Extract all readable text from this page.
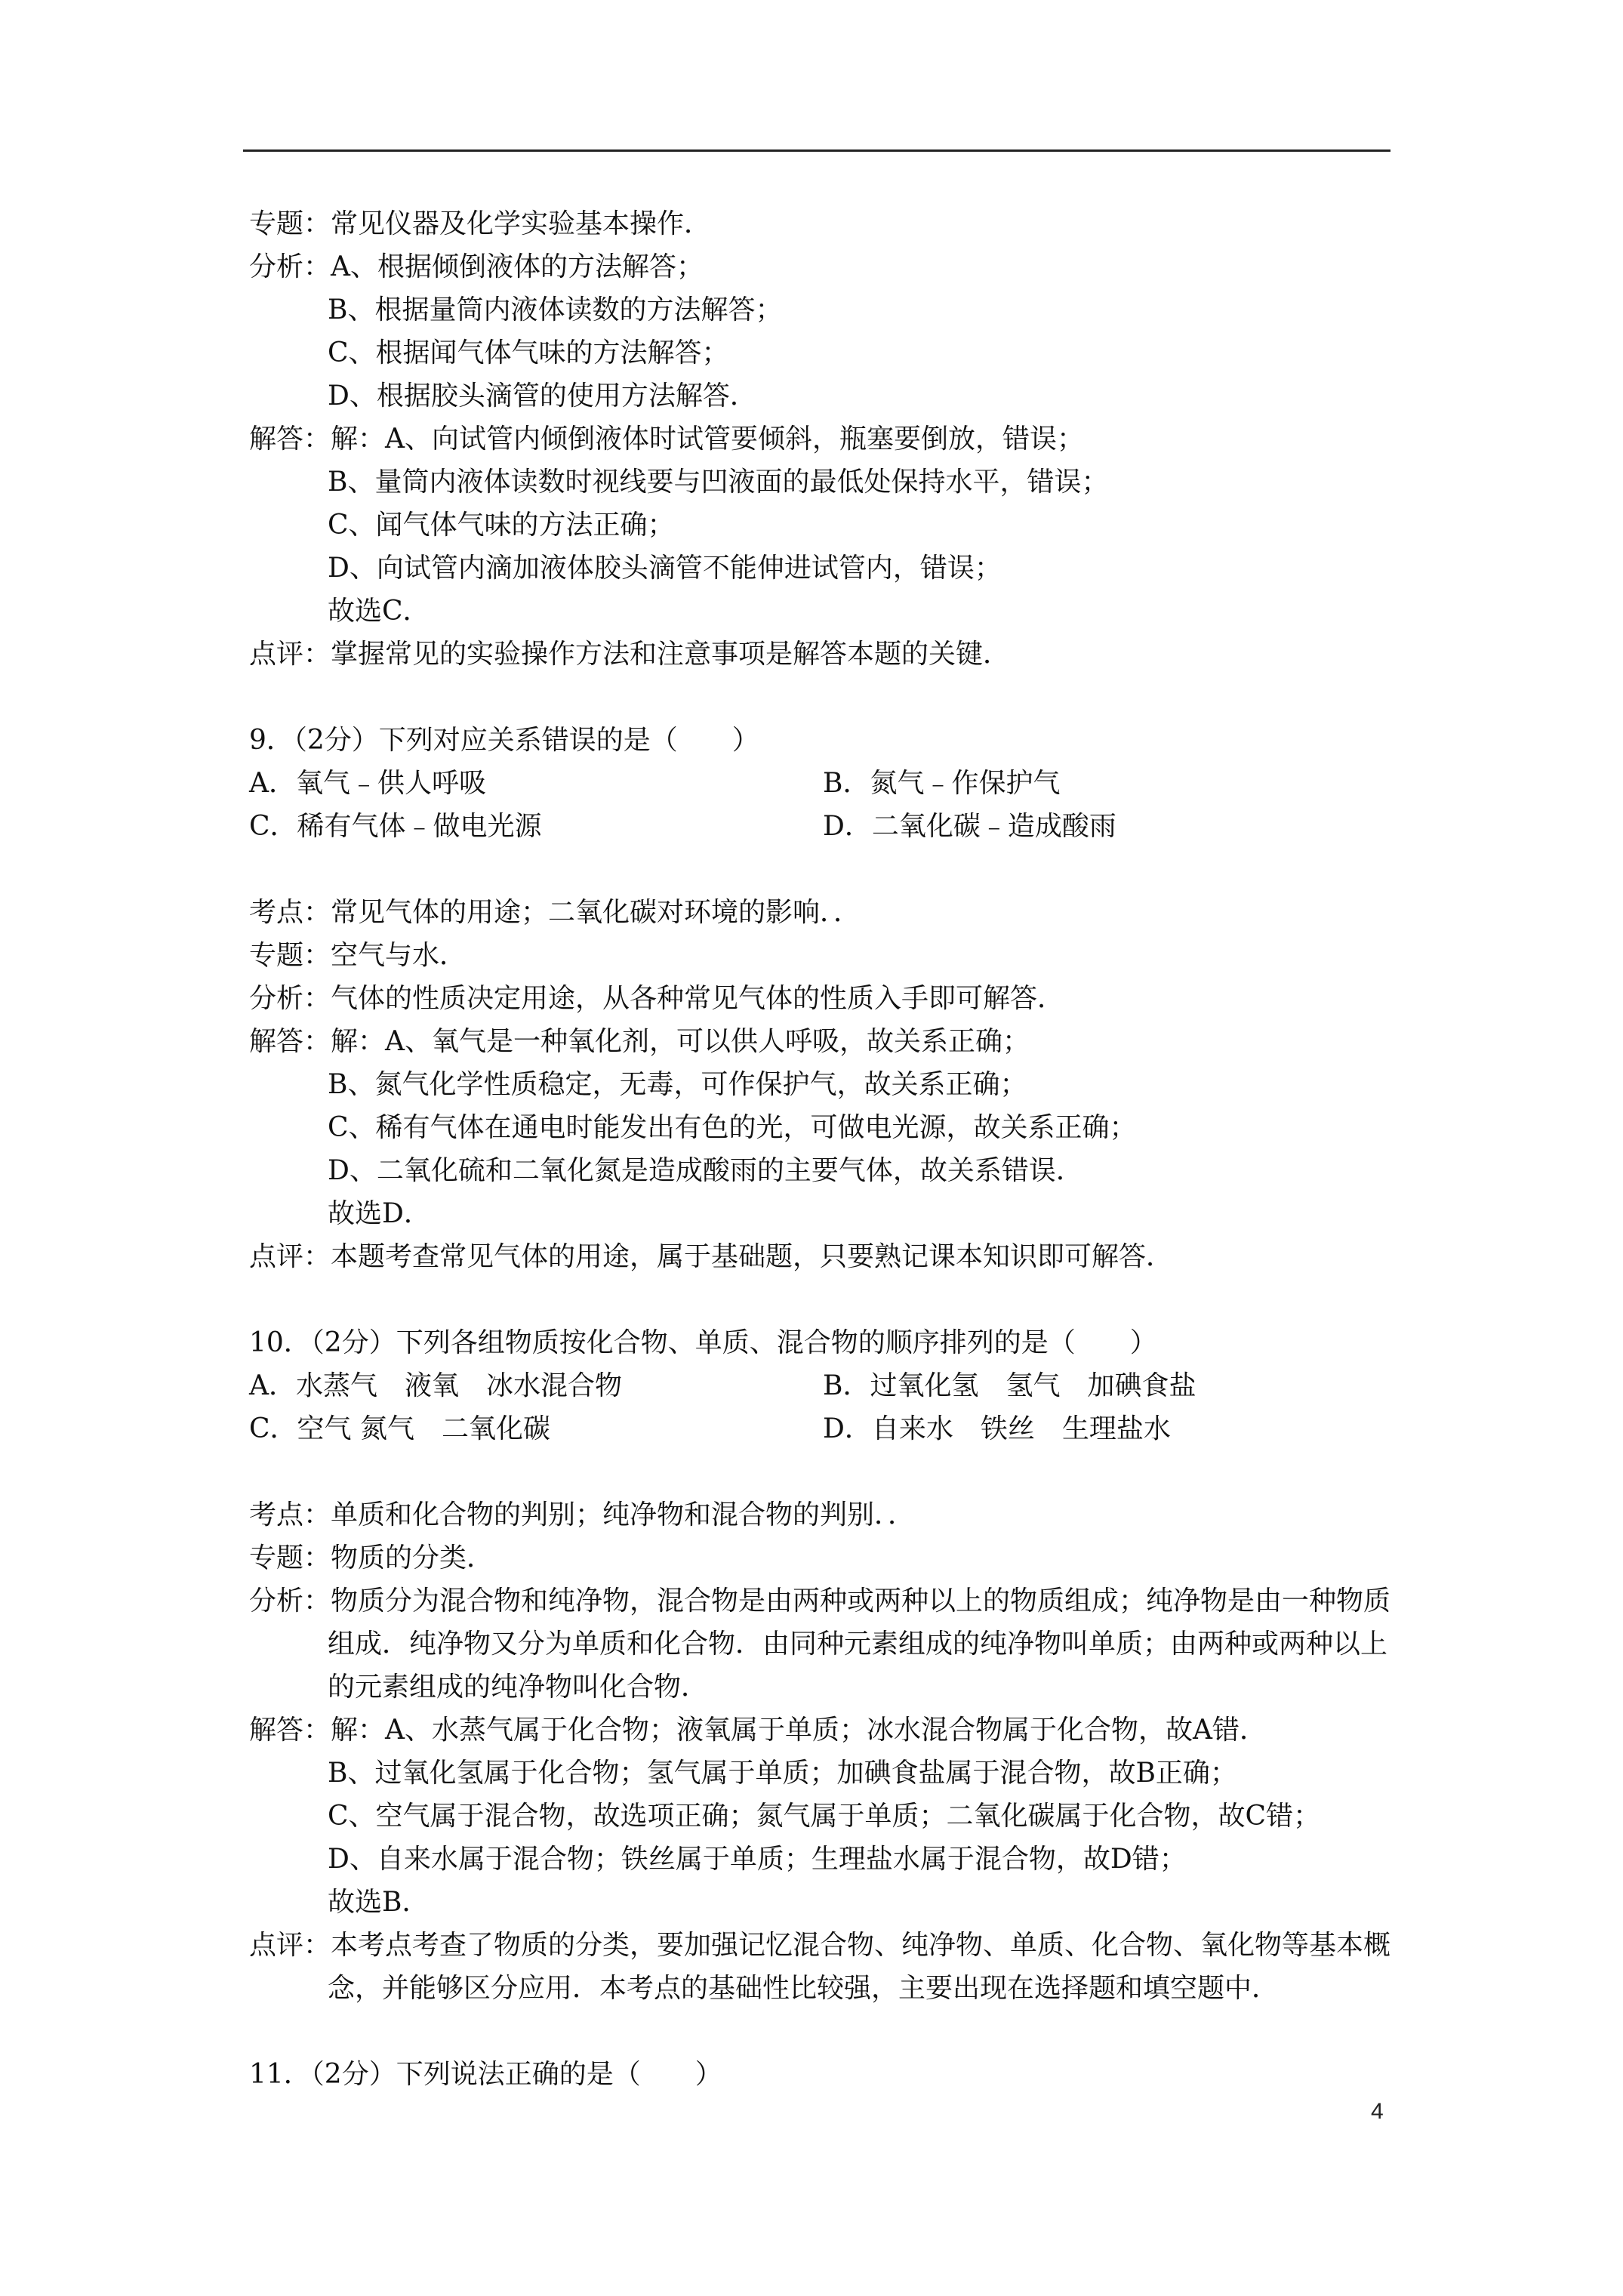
专题：常见仪器及化学实验基本操作．
分析：A、根据倾倒液体的方法解答；
B、根据量筒内液体读数的方法解答；
C、根据闻气体气味的方法解答；
D、根据胶头滴管的使用方法解答．
解答：解：A、向试管内倾倒液体时试管要倾斜，瓶塞要倒放，错误；
B、量筒内液体读数时视线要与凹液面的最低处保持水平，错误；
C、闻气体气味的方法正确；
D、向试管内滴加液体胶头滴管不能伸进试管内，错误；
故选C．
点评：掌握常见的实验操作方法和注意事项是解答本题的关键．
9．（2分）下列对应关系错误的是（　　）
A．氧气﹣供人呼吸	B．氮气﹣作保护气
C．稀有气体﹣做电光源	D．二氧化碳﹣造成酸雨
考点：常见气体的用途；二氧化碳对环境的影响．．
专题：空气与水．
分析：气体的性质决定用途，从各种常见气体的性质入手即可解答．
解答：解：A、氧气是一种氧化剂，可以供人呼吸，故关系正确；
B、氮气化学性质稳定，无毒，可作保护气，故关系正确；
C、稀有气体在通电时能发出有色的光，可做电光源，故关系正确；
D、二氧化硫和二氧化氮是造成酸雨的主要气体，故关系错误．
故选D．
点评：本题考查常见气体的用途，属于基础题，只要熟记课本知识即可解答．
10．（2分）下列各组物质按化合物、单质、混合物的顺序排列的是（　　）
A．水蒸气　液氧　冰水混合物	B．过氧化氢　氢气　加碘食盐
C．空气 氮气　二氧化碳	D．自来水　铁丝　生理盐水
考点：单质和化合物的判别；纯净物和混合物的判别．．
专题：物质的分类．
分析：物质分为混合物和纯净物，混合物是由两种或两种以上的物质组成；纯净物是由一种物质组成．纯净物又分为单质和化合物．由同种元素组成的纯净物叫单质；由两种或两种以上的元素组成的纯净物叫化合物．
解答：解：A、水蒸气属于化合物；液氧属于单质；冰水混合物属于化合物，故A错．
B、过氧化氢属于化合物；氢气属于单质；加碘食盐属于混合物，故B正确；
C、空气属于混合物，故选项正确；氮气属于单质；二氧化碳属于化合物，故C错；
D、自来水属于混合物；铁丝属于单质；生理盐水属于混合物，故D错；
故选B．
点评：本考点考查了物质的分类，要加强记忆混合物、纯净物、单质、化合物、氧化物等基本概念，并能够区分应用．本考点的基础性比较强，主要出现在选择题和填空题中．
11．（2分）下列说法正确的是（　　）
4
